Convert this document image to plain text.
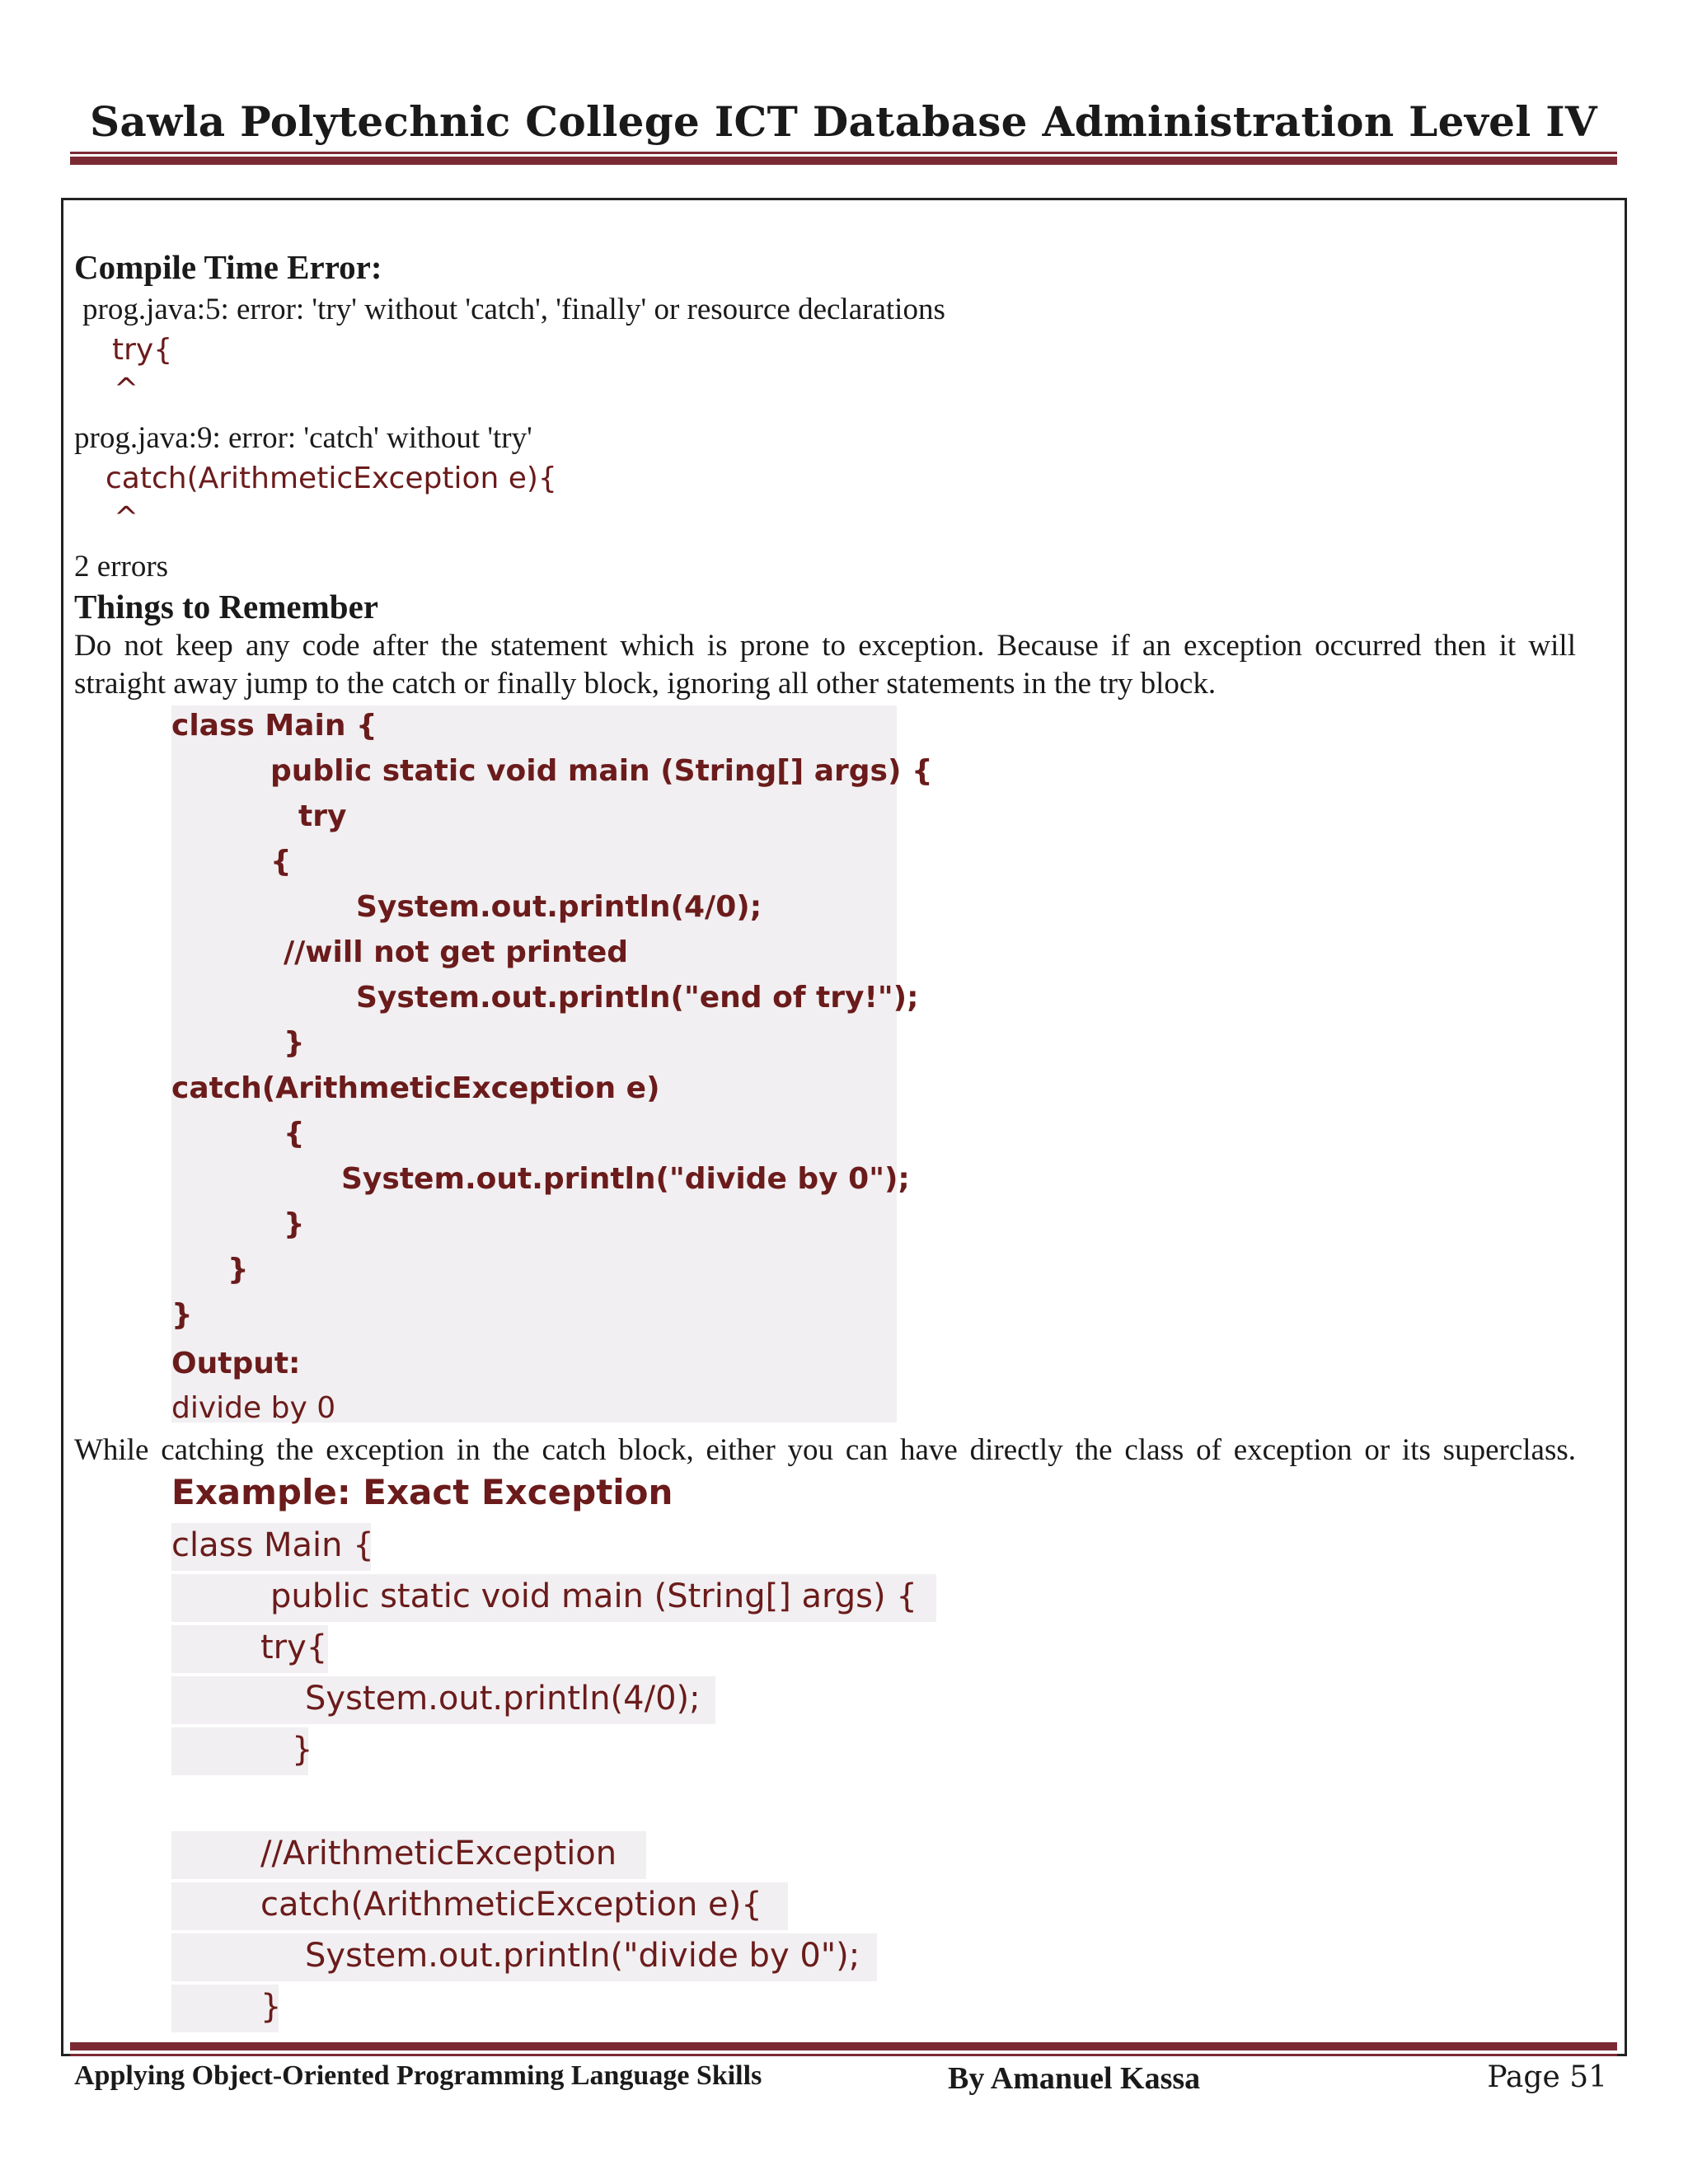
Sawla Polytechnic College ICT Database Administration Level IV
Compile Time Error:
prog.java:5: error: 'try' without 'catch', 'finally' or resource declarations
try{
^
prog.java:9: error: 'catch' without 'try'
catch(ArithmeticException e){
^
2 errors
Things to Remember
Do not keep any code after the statement which is prone to exception. Because if an exception occurred then it will
straight away jump to the catch or finally block, ignoring all other statements in the try block.
class Main {
public static void main (String[] args) {
try
{
System.out.println(4/0);
//will not get printed
System.out.println("end of try!");
}
catch(ArithmeticException e)
{
System.out.println("divide by 0");
}
}
}
Output:
divide by 0
While catching the exception in the catch block, either you can have directly the class of exception or its superclass.
Example: Exact Exception
class Main {
public static void main (String[] args) {
try{
System.out.println(4/0);
}
//ArithmeticException
catch(ArithmeticException e){
System.out.println("divide by 0");
}
Applying Object-Oriented Programming Language Skills	By Amanuel Kassa	Page 51
